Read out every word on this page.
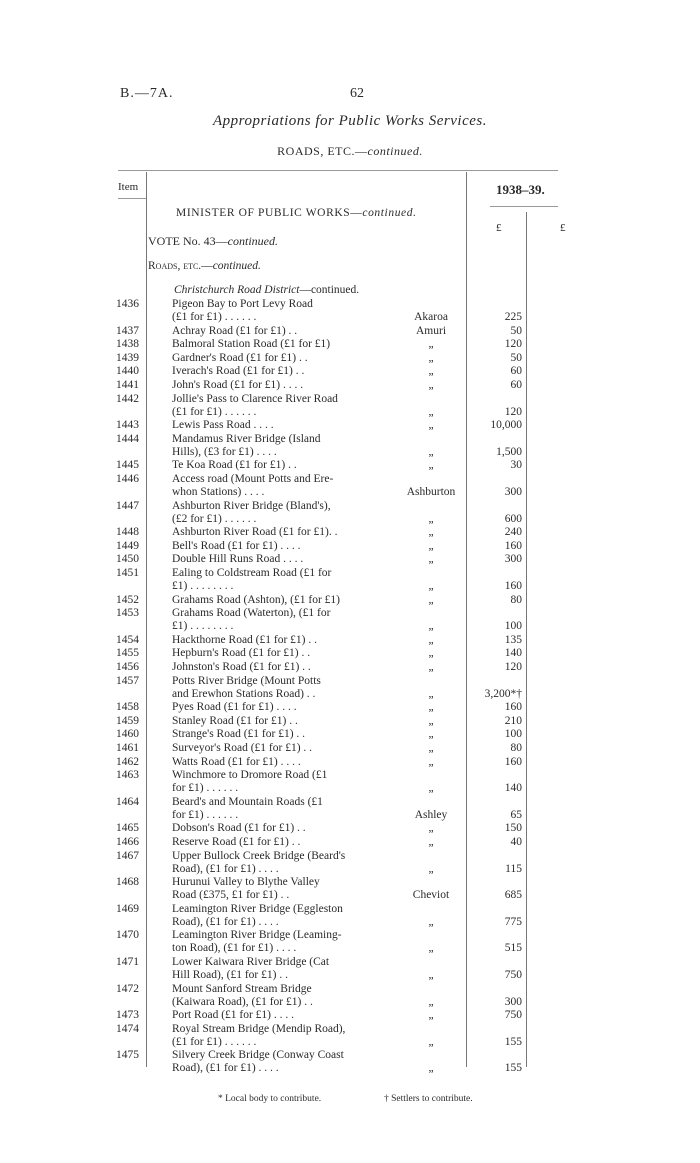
B.—7A.	62
Appropriations for Public Works Services.
ROADS, ETC.—continued.
Item	1938–39.
£	£
MINISTER OF PUBLIC WORKS—continued.
VOTE No. 43—continued.
Roads, etc.—continued.
Christchurch Road District—continued.
1436	Pigeon Bay to Port Levy Road
(£1 for £1) . . . . . .	Akaroa	225
1437	Achray Road (£1 for £1) . .	Amuri	50
1438	Balmoral Station Road (£1 for £1)	„	120
1439	Gardner's Road (£1 for £1) . .	„	50
1440	Iverach's Road (£1 for £1) . .	„	60
1441	John's Road (£1 for £1) . . . .	„	60
1442	Jollie's Pass to Clarence River Road
(£1 for £1) . . . . . .	„	120
1443	Lewis Pass Road . . . .	„	10,000
1444	Mandamus River Bridge (Island
Hills), (£3 for £1) . . . .	„	1,500
1445	Te Koa Road (£1 for £1) . .	„	30
1446	Access road (Mount Potts and Ere-
whon Stations) . . . .	Ashburton	300
1447	Ashburton River Bridge (Bland's),
(£2 for £1) . . . . . .	„	600
1448	Ashburton River Road (£1 for £1). .	„	240
1449	Bell's Road (£1 for £1) . . . .	„	160
1450	Double Hill Runs Road . . . .	„	300
1451	Ealing to Coldstream Road (£1 for
£1) . . . . . . . .	„	160
1452	Grahams Road (Ashton), (£1 for £1)	„	80
1453	Grahams Road (Waterton), (£1 for
£1) . . . . . . . .	„	100
1454	Hackthorne Road (£1 for £1) . .	„	135
1455	Hepburn's Road (£1 for £1) . .	„	140
1456	Johnston's Road (£1 for £1) . .	„	120
1457	Potts River Bridge (Mount Potts
and Erewhon Stations Road) . .	„	3,200*†
1458	Pyes Road (£1 for £1) . . . .	„	160
1459	Stanley Road (£1 for £1) . .	„	210
1460	Strange's Road (£1 for £1) . .	„	100
1461	Surveyor's Road (£1 for £1) . .	„	80
1462	Watts Road (£1 for £1) . . . .	„	160
1463	Winchmore to Dromore Road (£1
for £1) . . . . . .	„	140
1464	Beard's and Mountain Roads (£1
for £1) . . . . . .	Ashley	65
1465	Dobson's Road (£1 for £1) . .	„	150
1466	Reserve Road (£1 for £1) . .	„	40
1467	Upper Bullock Creek Bridge (Beard's
Road), (£1 for £1) . . . .	„	115
1468	Hurunui Valley to Blythe Valley
Road (£375, £1 for £1) . .	Cheviot	685
1469	Leamington River Bridge (Eggleston
Road), (£1 for £1) . . . .	„	775
1470	Leamington River Bridge (Leaming-
ton Road), (£1 for £1) . . . .	„	515
1471	Lower Kaiwara River Bridge (Cat
Hill Road), (£1 for £1) . .	„	750
1472	Mount Sanford Stream Bridge
(Kaiwara Road), (£1 for £1) . .	„	300
1473	Port Road (£1 for £1) . . . .	„	750
1474	Royal Stream Bridge (Mendip Road),
(£1 for £1) . . . . . .	„	155
1475	Silvery Creek Bridge (Conway Coast
Road), (£1 for £1) . . . .	„	155
* Local body to contribute.	† Settlers to contribute.
